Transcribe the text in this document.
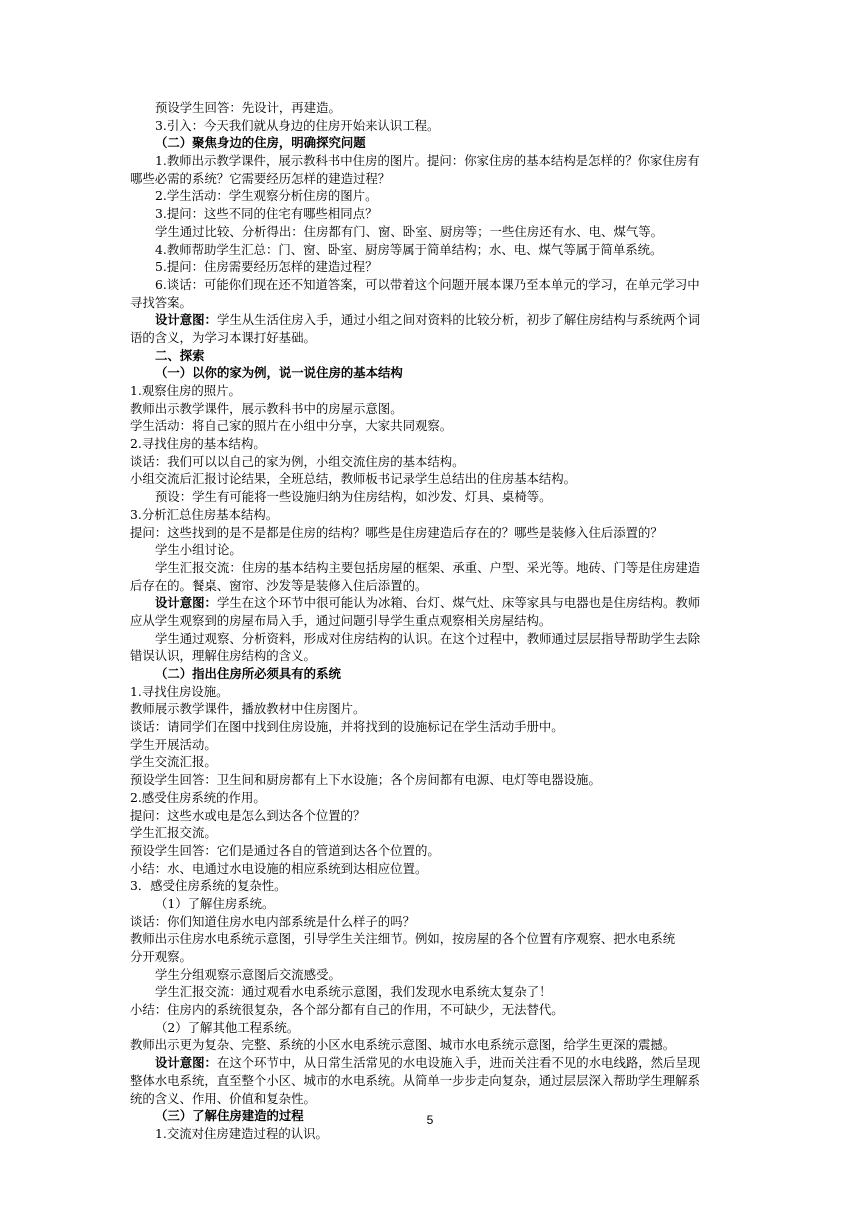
预设学生回答：先设计，再建造。
3.引入：今天我们就从身边的住房开始来认识工程。
（二）聚焦身边的住房，明确探究问题
1.教师出示教学课件，展示教科书中住房的图片。提问：你家住房的基本结构是怎样的？你家住房有
哪些必需的系统？它需要经历怎样的建造过程？
2.学生活动：学生观察分析住房的图片。
3.提问：这些不同的住宅有哪些相同点？
学生通过比较、分析得出：住房都有门、窗、卧室、厨房等；一些住房还有水、电、煤气等。
4.教师帮助学生汇总：门、窗、卧室、厨房等属于简单结构；水、电、煤气等属于简单系统。
5.提问：住房需要经历怎样的建造过程？
6.谈话：可能你们现在还不知道答案，可以带着这个问题开展本课乃至本单元的学习，在单元学习中
寻找答案。
设计意图：学生从生活住房入手，通过小组之间对资料的比较分析，初步了解住房结构与系统两个词
语的含义，为学习本课打好基础。
二、探索
（一）以你的家为例，说一说住房的基本结构
1.观察住房的照片。
教师出示教学课件，展示教科书中的房屋示意图。
学生活动：将自己家的照片在小组中分享，大家共同观察。
2.寻找住房的基本结构。
谈话：我们可以以自己的家为例，小组交流住房的基本结构。
小组交流后汇报讨论结果，全班总结，教师板书记录学生总结出的住房基本结构。
预设：学生有可能将一些设施归纳为住房结构，如沙发、灯具、桌椅等。
3.分析汇总住房基本结构。
提问：这些找到的是不是都是住房的结构？哪些是住房建造后存在的？哪些是装修入住后添置的？
学生小组讨论。
学生汇报交流：住房的基本结构主要包括房屋的框架、承重、户型、采光等。地砖、门等是住房建造
后存在的。餐桌、窗帘、沙发等是装修入住后添置的。
设计意图：学生在这个环节中很可能认为冰箱、台灯、煤气灶、床等家具与电器也是住房结构。教师
应从学生观察到的房屋布局入手，通过问题引导学生重点观察相关房屋结构。
学生通过观察、分析资料，形成对住房结构的认识。在这个过程中，教师通过层层指导帮助学生去除
错误认识，理解住房结构的含义。
（二）指出住房所必须具有的系统
1.寻找住房设施。
教师展示教学课件，播放教材中住房图片。
谈话：请同学们在图中找到住房设施，并将找到的设施标记在学生活动手册中。
学生开展活动。
学生交流汇报。
预设学生回答：卫生间和厨房都有上下水设施；各个房间都有电源、电灯等电器设施。
2.感受住房系统的作用。
提问：这些水或电是怎么到达各个位置的？
学生汇报交流。
预设学生回答：它们是通过各自的管道到达各个位置的。
小结：水、电通过水电设施的相应系统到达相应位置。
3．感受住房系统的复杂性。
（1）了解住房系统。
谈话：你们知道住房水电内部系统是什么样子的吗？
教师出示住房水电系统示意图，引导学生关注细节。例如，按房屋的各个位置有序观察、把水电系统
分开观察。
学生分组观察示意图后交流感受。
学生汇报交流：通过观看水电系统示意图，我们发现水电系统太复杂了！
小结：住房内的系统很复杂，各个部分都有自己的作用，不可缺少，无法替代。
（2）了解其他工程系统。
教师出示更为复杂、完整、系统的小区水电系统示意图、城市水电系统示意图，给学生更深的震撼。
设计意图：在这个环节中，从日常生活常见的水电设施入手，进而关注看不见的水电线路，然后呈现
整体水电系统，直至整个小区、城市的水电系统。从简单一步步走向复杂，通过层层深入帮助学生理解系
统的含义、作用、价值和复杂性。
（三）了解住房建造的过程
1.交流对住房建造过程的认识。
5
